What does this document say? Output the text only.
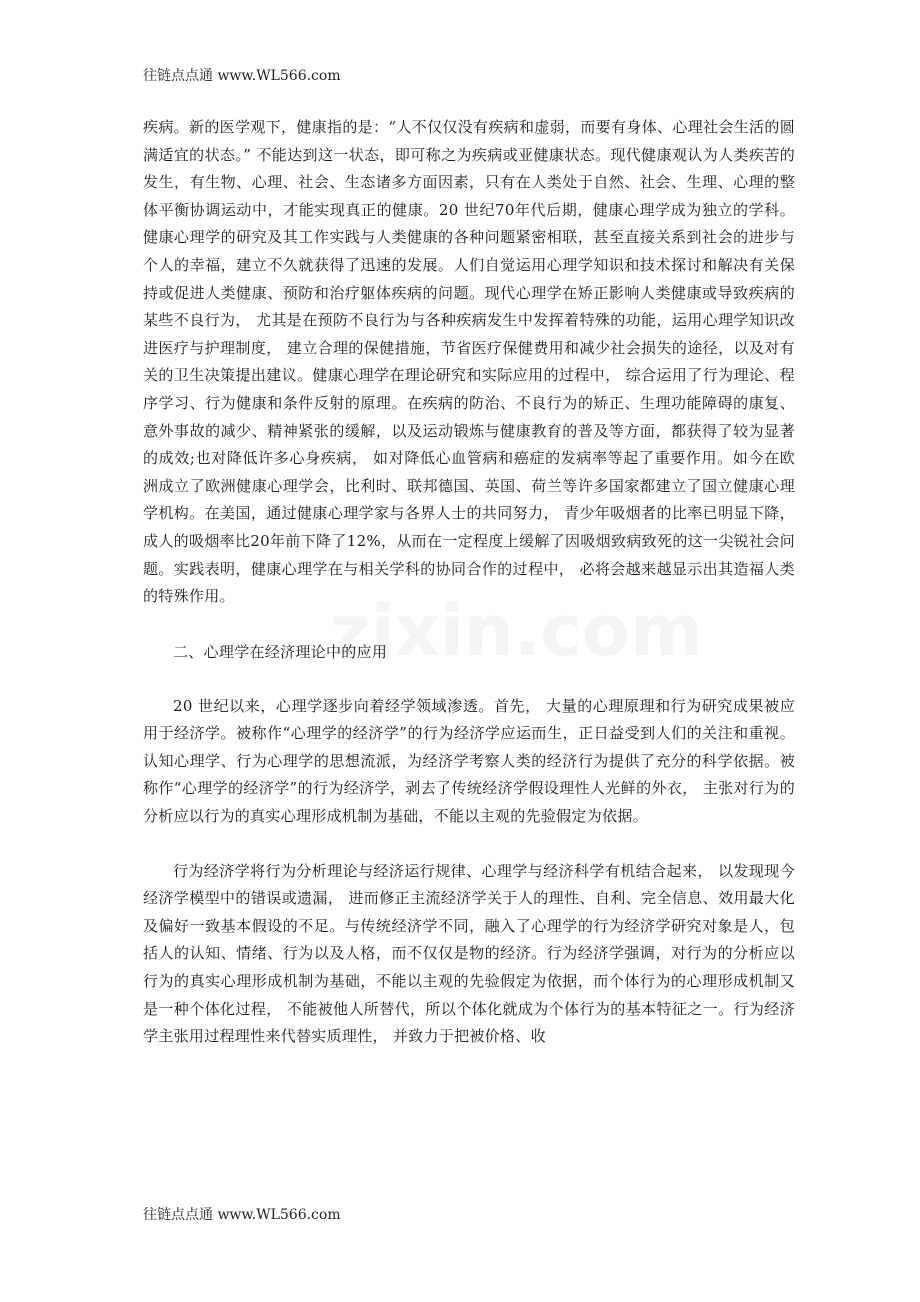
往链点点通 www.WL566.com
zixin.com

疾病。新的医学观下，健康指的是：“人不仅仅没有疾病和虚弱，而要有身体、心理社会生活的圆满适宜的状态。” 不能达到这一状态，即可称之为疾病或亚健康状态。现代健康观认为人类疾苦的发生，有生物、心理、社会、生态诸多方面因素，只有在人类处于自然、社会、生理、心理的整体平衡协调运动中，才能实现真正的健康。20 世纪70年代后期，健康心理学成为独立的学科。健康心理学的研究及其工作实践与人类健康的各种问题紧密相联，甚至直接关系到社会的进步与个人的幸福，建立不久就获得了迅速的发展。人们自觉运用心理学知识和技术探讨和解决有关保持或促进人类健康、预防和治疗躯体疾病的问题。现代心理学在矫正影响人类健康或导致疾病的某些不良行为， 尤其是在预防不良行为与各种疾病发生中发挥着特殊的功能，运用心理学知识改进医疗与护理制度， 建立合理的保健措施，节省医疗保健费用和减少社会损失的途径，以及对有关的卫生决策提出建议。健康心理学在理论研究和实际应用的过程中， 综合运用了行为理论、程序学习、行为健康和条件反射的原理。在疾病的防治、不良行为的矫正、生理功能障碍的康复、意外事故的减少、精神紧张的缓解，以及运动锻炼与健康教育的普及等方面，都获得了较为显著的成效;也对降低许多心身疾病， 如对降低心血管病和癌症的发病率等起了重要作用。如今在欧洲成立了欧洲健康心理学会，比利时、联邦德国、英国、荷兰等许多国家都建立了国立健康心理学机构。在美国，通过健康心理学家与各界人士的共同努力， 青少年吸烟者的比率已明显下降， 成人的吸烟率比20年前下降了12%，从而在一定程度上缓解了因吸烟致病致死的这一尖锐社会问题。实践表明，健康心理学在与相关学科的协同合作的过程中， 必将会越来越显示出其造福人类的特殊作用。

二、心理学在经济理论中的应用

20 世纪以来，心理学逐步向着经学领域渗透。首先， 大量的心理原理和行为研究成果被应用于经济学。被称作“心理学的经济学”的行为经济学应运而生，正日益受到人们的关注和重视。认知心理学、行为心理学的思想流派，为经济学考察人类的经济行为提供了充分的科学依据。被称作“心理学的经济学”的行为经济学，剥去了传统经济学假设理性人光鲜的外衣， 主张对行为的分析应以行为的真实心理形成机制为基础，不能以主观的先验假定为依据。

行为经济学将行为分析理论与经济运行规律、心理学与经济科学有机结合起来， 以发现现今经济学模型中的错误或遗漏， 进而修正主流经济学关于人的理性、自利、完全信息、效用最大化及偏好一致基本假设的不足。与传统经济学不同，融入了心理学的行为经济学研究对象是人，包括人的认知、情绪、行为以及人格，而不仅仅是物的经济。行为经济学强调，对行为的分析应以行为的真实心理形成机制为基础，不能以主观的先验假定为依据，而个体行为的心理形成机制又是一种个体化过程， 不能被他人所替代，所以个体化就成为个体行为的基本特征之一。行为经济学主张用过程理性来代替实质理性， 并致力于把被价格、收

往链点点通 www.WL566.com
